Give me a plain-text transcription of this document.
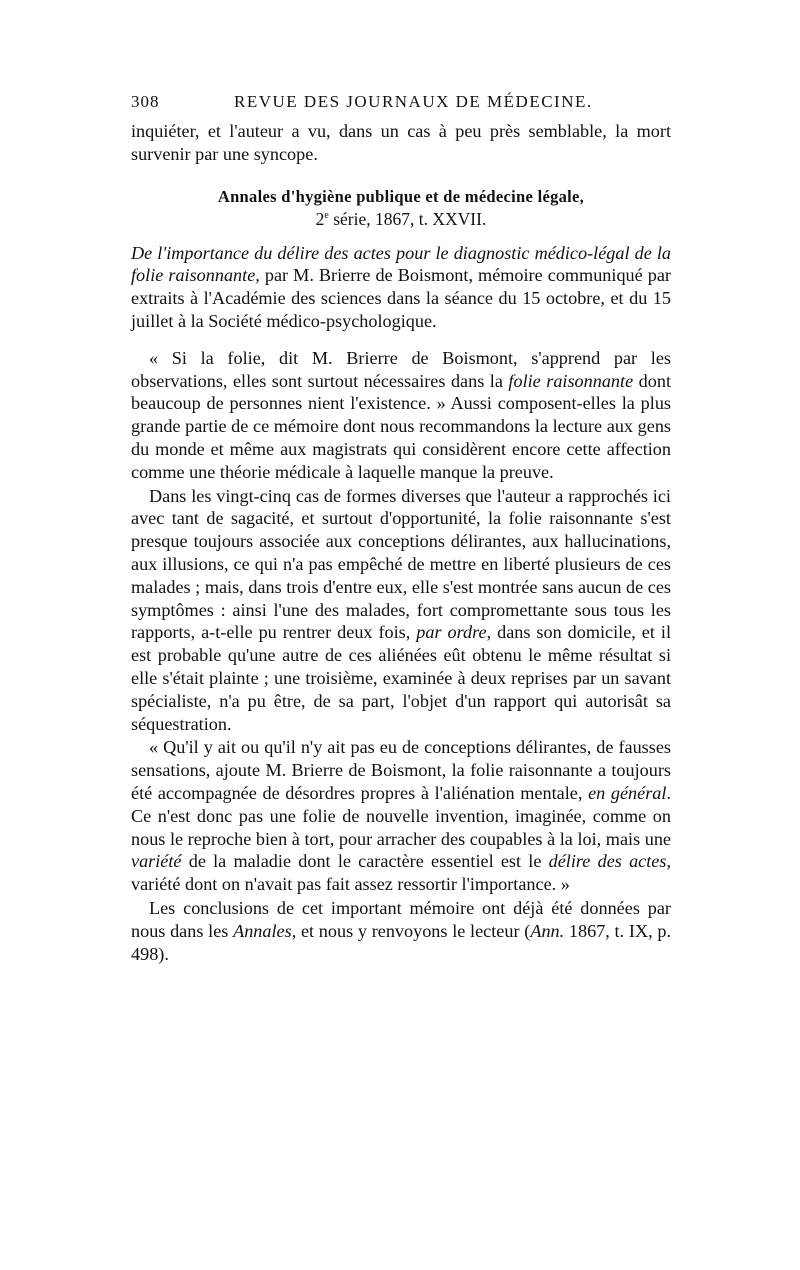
308	REVUE DES JOURNAUX DE MÉDECINE.

inquiéter, et l'auteur a vu, dans un cas à peu près semblable, la mort survenir par une syncope.

Annales d'hygiène publique et de médecine légale,
2e série, 1867, t. XXVII.

De l'importance du délire des actes pour le diagnostic médico-légal de la folie raisonnante, par M. Brierre de Boismont, mémoire communiqué par extraits à l'Académie des sciences dans la séance du 15 octobre, et du 15 juillet à la Société médico-psychologique.

« Si la folie, dit M. Brierre de Boismont, s'apprend par les observations, elles sont surtout nécessaires dans la folie raisonnante dont beaucoup de personnes nient l'existence. » Aussi composent-elles la plus grande partie de ce mémoire dont nous recommandons la lecture aux gens du monde et même aux magistrats qui considèrent encore cette affection comme une théorie médicale à laquelle manque la preuve.

Dans les vingt-cinq cas de formes diverses que l'auteur a rapprochés ici avec tant de sagacité, et surtout d'opportunité, la folie raisonnante s'est presque toujours associée aux conceptions délirantes, aux hallucinations, aux illusions, ce qui n'a pas empêché de mettre en liberté plusieurs de ces malades ; mais, dans trois d'entre eux, elle s'est montrée sans aucun de ces symptômes : ainsi l'une des malades, fort compromettante sous tous les rapports, a-t-elle pu rentrer deux fois, par ordre, dans son domicile, et il est probable qu'une autre de ces aliénées eût obtenu le même résultat si elle s'était plainte ; une troisième, examinée à deux reprises par un savant spécialiste, n'a pu être, de sa part, l'objet d'un rapport qui autorisât sa séquestration.

« Qu'il y ait ou qu'il n'y ait pas eu de conceptions délirantes, de fausses sensations, ajoute M. Brierre de Boismont, la folie raisonnante a toujours été accompagnée de désordres propres à l'aliénation mentale, en général. Ce n'est donc pas une folie de nouvelle invention, imaginée, comme on nous le reproche bien à tort, pour arracher des coupables à la loi, mais une variété de la maladie dont le caractère essentiel est le délire des actes, variété dont on n'avait pas fait assez ressortir l'importance. »

Les conclusions de cet important mémoire ont déjà été données par nous dans les Annales, et nous y renvoyons le lecteur (Ann. 1867, t. IX, p. 498).
